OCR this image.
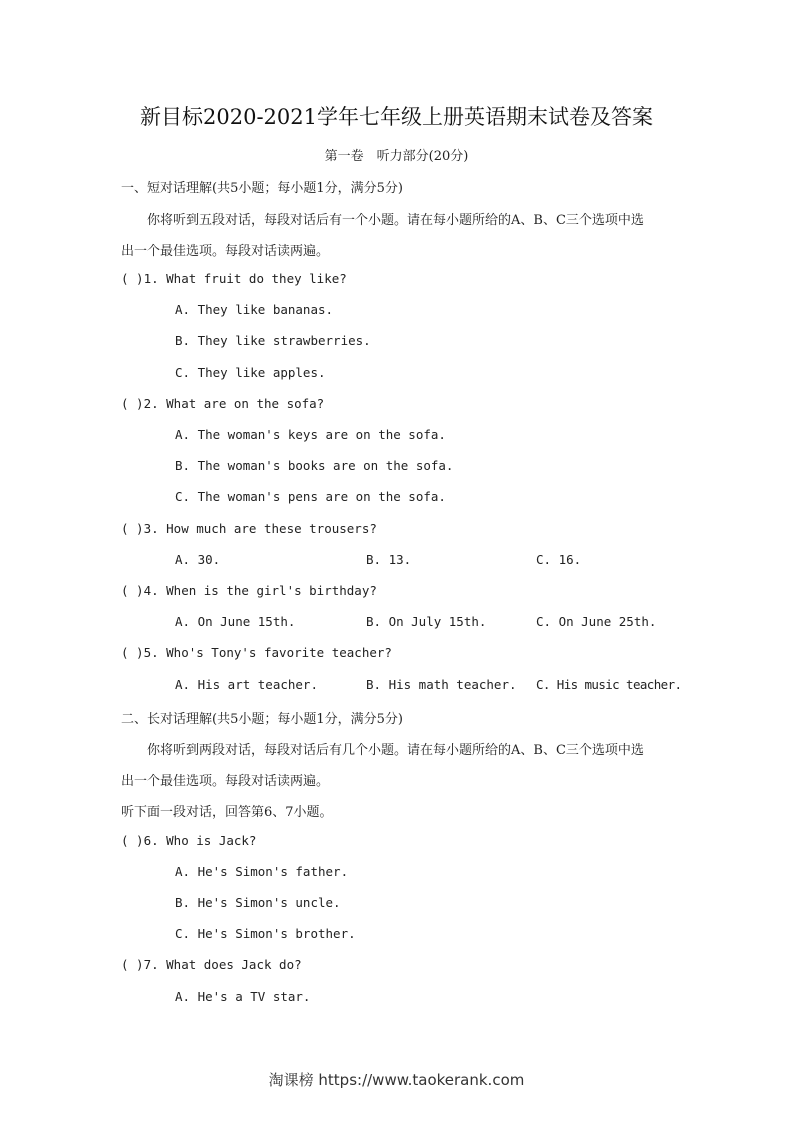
新目标2020-2021学年七年级上册英语期末试卷及答案
第一卷　听力部分(20分)
一、短对话理解(共5小题；每小题1分，满分5分)
你将听到五段对话，每段对话后有一个小题。请在每小题所给的A、B、C三个选项中选
出一个最佳选项。每段对话读两遍。
( )1. What fruit do they like?
A. They like bananas.
B. They like strawberries.
C. They like apples.
( )2. What are on the sofa?
A. The woman's keys are on the sofa.
B. The woman's books are on the sofa.
C. The woman's pens are on the sofa.
( )3. How much are these trousers?
A. 30.	B. 13.	C. 16.
( )4. When is the girl's birthday?
A. On June 15th.	B. On July 15th.	C. On June 25th.
( )5. Who's Tony's favorite teacher?
A. His art teacher.	B. His math teacher. C. His music teacher.
二、长对话理解(共5小题；每小题1分，满分5分)
你将听到两段对话，每段对话后有几个小题。请在每小题所给的A、B、C三个选项中选
出一个最佳选项。每段对话读两遍。
听下面一段对话，回答第6、7小题。
( )6. Who is Jack?
A. He's Simon's father.
B. He's Simon's uncle.
C. He's Simon's brother.
( )7. What does Jack do?
A. He's a TV star.
淘课榜 https://www.taokerank.com
